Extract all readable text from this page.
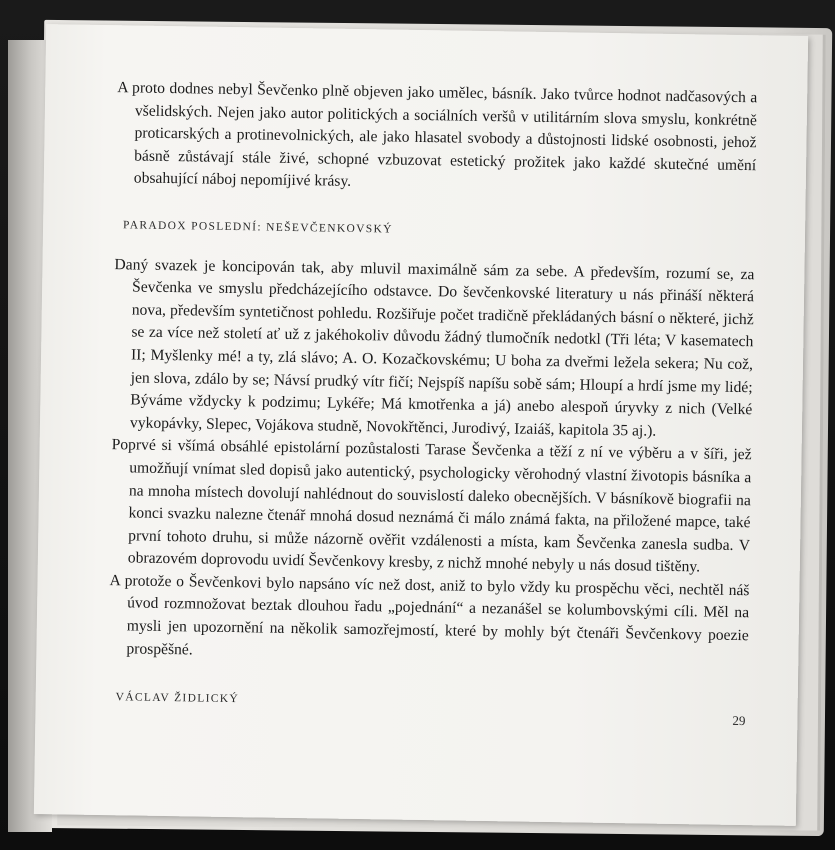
A proto dodnes nebyl Ševčenko plně objeven jako umělec, básník. Jako tvůrce hodnot nadčasových a všelidských. Nejen jako autor politických a sociálních veršů v utilitárním slova smyslu, konkrétně proticarských a protinevolnických, ale jako hlasatel svobody a důstojnosti lidské osobnosti, jehož básně zůstávají stále živé, schopné vzbuzovat estetický prožitek jako každé skutečné umění obsahující náboj nepomíjivé krásy.

PARADOX POSLEDNÍ: NEŠEVČENKOVSKÝ

Daný svazek je koncipován tak, aby mluvil maximálně sám za sebe. A především, rozumí se, za Ševčenka ve smyslu předcházejícího odstavce. Do ševčenkovské literatury u nás přináší některá nova, především syntetičnost pohledu. Rozšiřuje počet tradičně překládaných básní o některé, jichž se za více než století ať už z jakéhokoliv důvodu žádný tlumočník nedotkl (Tři léta; V kasematech II; Myšlenky mé! a ty, zlá slávo; A. O. Kozačkovskému; U boha za dveřmi ležela sekera; Nu což, jen slova, zdálo by se; Návsí prudký vítr fičí; Nejspíš napíšu sobě sám; Hloupí a hrdí jsme my lidé; Býváme vždycky k podzimu; Lykéře; Má kmotřenka a já) anebo alespoň úryvky z nich (Velké vykopávky, Slepec, Vojákova studně, Novokřtěnci, Jurodivý, Izaiáš, kapitola 35 aj.).

Poprvé si všímá obsáhlé epistolární pozůstalosti Tarase Ševčenka a těží z ní ve výběru a v šíři, jež umožňují vnímat sled dopisů jako autentický, psychologicky věrohodný vlastní životopis básníka a na mnoha místech dovolují nahlédnout do souvislostí daleko obecnějších. V básníkově biografii na konci svazku nalezne čtenář mnohá dosud neznámá či málo známá fakta, na přiložené mapce, také první tohoto druhu, si může názorně ověřit vzdálenosti a místa, kam Ševčenka zanesla sudba. V obrazovém doprovodu uvidí Ševčenkovy kresby, z nichž mnohé nebyly u nás dosud tištěny.

A protože o Ševčenkovi bylo napsáno víc než dost, aniž to bylo vždy ku prospěchu věci, nechtěl náš úvod rozmnožovat beztak dlouhou řadu „pojednání“ a nezanášel se kolumbovskými cíli. Měl na mysli jen upozornění na několik samozřejmostí, které by mohly být čtenáři Ševčenkovy poezie prospěšné.

VÁCLAV ŽIDLICKÝ
29
